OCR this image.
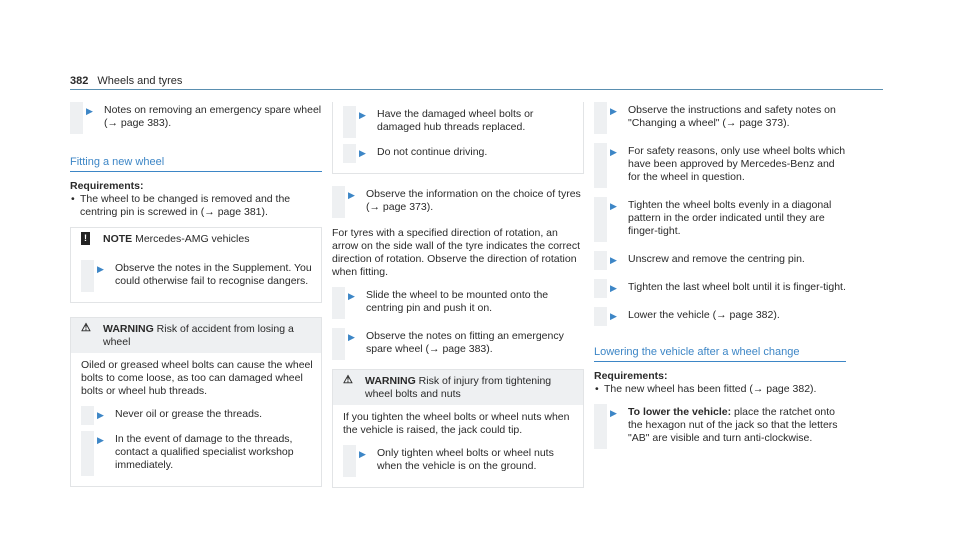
382 Wheels and tyres
▶	Notes on removing an emergency spare wheel (→ page 383).
Fitting a new wheel
Requirements:
• The wheel to be changed is removed and the centring pin is screwed in (→ page 381).
! NOTE Mercedes-AMG vehicles
▶	Observe the notes in the Supplement. You could otherwise fail to recognise dangers.
⚠ WARNING Risk of accident from losing a wheel
Oiled or greased wheel bolts can cause the wheel bolts to come loose, as too can damaged wheel bolts or wheel hub threads.
▶	Never oil or grease the threads.
▶	In the event of damage to the threads, contact a qualified specialist workshop immediately.
▶	Have the damaged wheel bolts or damaged hub threads replaced.
▶	Do not continue driving.
▶	Observe the information on the choice of tyres (→ page 373).
For tyres with a specified direction of rotation, an arrow on the side wall of the tyre indicates the correct direction of rotation. Observe the direction of rotation when fitting.
▶	Slide the wheel to be mounted onto the centring pin and push it on.
▶	Observe the notes on fitting an emergency spare wheel (→ page 383).
⚠ WARNING Risk of injury from tightening wheel bolts and nuts
If you tighten the wheel bolts or wheel nuts when the vehicle is raised, the jack could tip.
▶	Only tighten wheel bolts or wheel nuts when the vehicle is on the ground.
▶	Observe the instructions and safety notes on "Changing a wheel" (→ page 373).
▶	For safety reasons, only use wheel bolts which have been approved by Mercedes-Benz and for the wheel in question.
▶	Tighten the wheel bolts evenly in a diagonal pattern in the order indicated until they are finger-tight.
▶	Unscrew and remove the centring pin.
▶	Tighten the last wheel bolt until it is finger-tight.
▶	Lower the vehicle (→ page 382).
Lowering the vehicle after a wheel change
Requirements:
• The new wheel has been fitted (→ page 382).
▶	To lower the vehicle: place the ratchet onto the hexagon nut of the jack so that the letters "AB" are visible and turn anti-clockwise.
